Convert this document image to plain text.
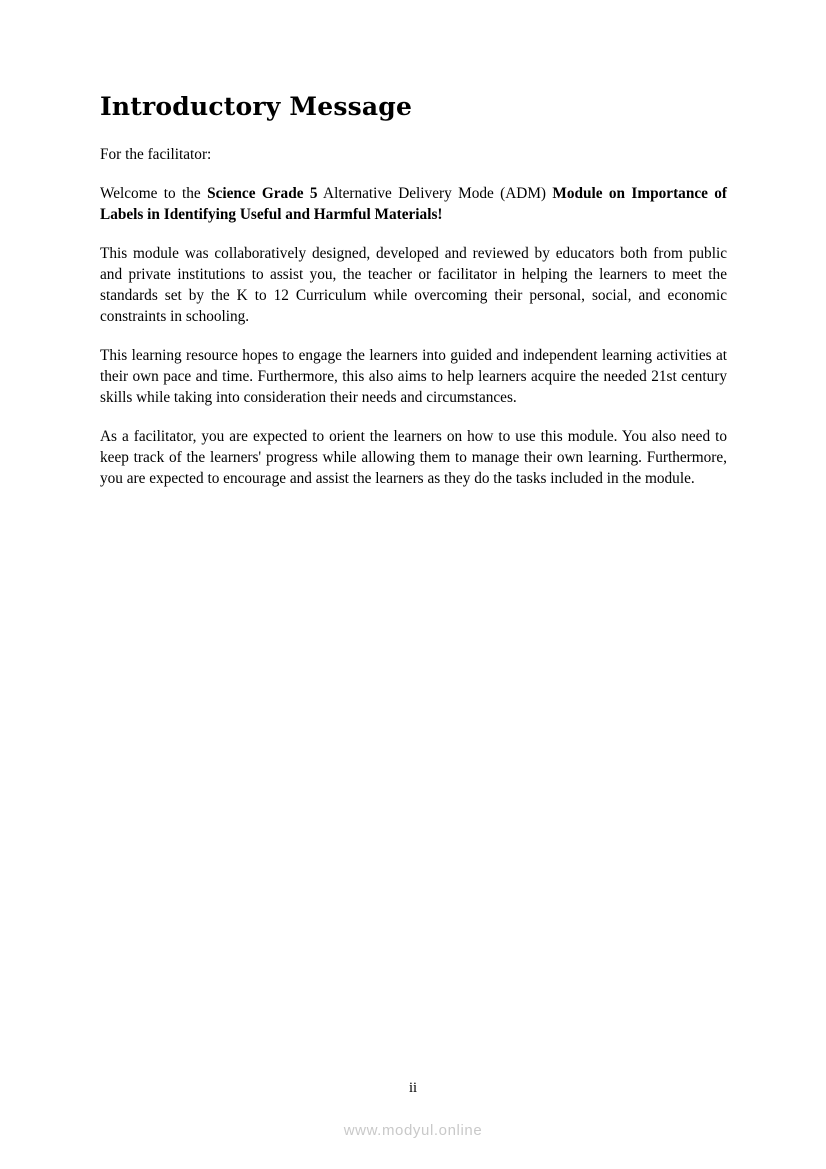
Introductory Message

For the facilitator:

Welcome to the Science Grade 5 Alternative Delivery Mode (ADM) Module on Importance of Labels in Identifying Useful and Harmful Materials!

This module was collaboratively designed, developed and reviewed by educators both from public and private institutions to assist you, the teacher or facilitator in helping the learners to meet the standards set by the K to 12 Curriculum while overcoming their personal, social, and economic constraints in schooling.

This learning resource hopes to engage the learners into guided and independent learning activities at their own pace and time. Furthermore, this also aims to help learners acquire the needed 21st century skills while taking into consideration their needs and circumstances.

As a facilitator, you are expected to orient the learners on how to use this module. You also need to keep track of the learners' progress while allowing them to manage their own learning. Furthermore, you are expected to encourage and assist the learners as they do the tasks included in the module.

ii
www.modyul.online
